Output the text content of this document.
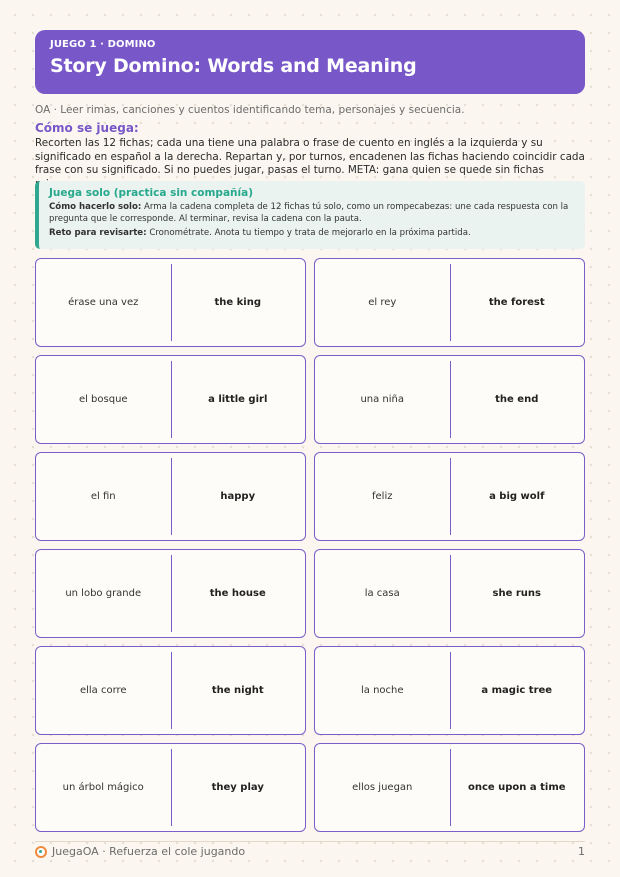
JUEGO 1 · DOMINO
Story Domino: Words and Meaning
OA · Leer rimas, canciones y cuentos identificando tema, personajes y secuencia.
Cómo se juega:
Recorten las 12 fichas; cada una tiene una palabra o frase de cuento en inglés a la izquierda y su significado en español a la derecha. Repartan y, por turnos, encadenen las fichas haciendo coincidir cada frase con su significado. Si no puedes jugar, pasas el turno. META: gana quien se quede sin fichas
Juega solo (practica sin compañía)

Cómo hacerlo solo: Arma la cadena completa de 12 fichas tú solo, como un rompecabezas: une cada respuesta con la pregunta que le corresponde. Al terminar, revisa la cadena con la pauta.

Reto para revisarte: Cronométrate. Anota tu tiempo y trata de mejorarlo en la próxima partida.

érase una vez	the king	el rey	the forest
el bosque	a little girl	una niña	the end
el fin	happy	feliz	a big wolf
un lobo grande	the house	la casa	she runs
ella corre	the night	la noche	a magic tree
un árbol mágico	they play	ellos juegan	once upon a time
JuegaOA · Refuerza el cole jugando	1
